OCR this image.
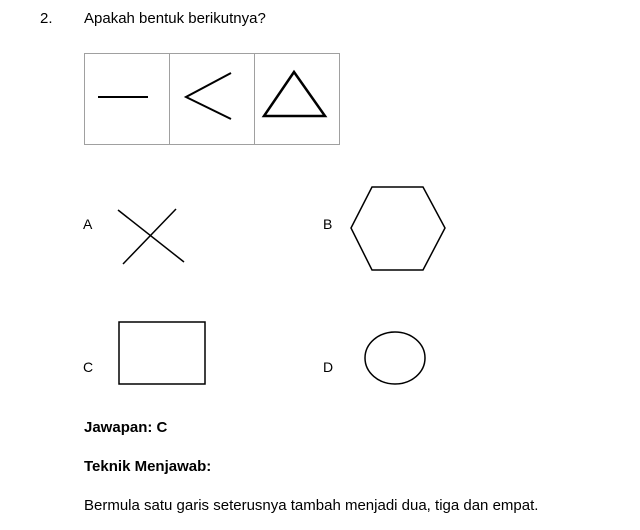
2. Apakah bentuk berikutnya?
A	B
C	D
Jawapan: C
Teknik Menjawab:
Bermula satu garis seterusnya tambah menjadi dua, tiga dan empat.
